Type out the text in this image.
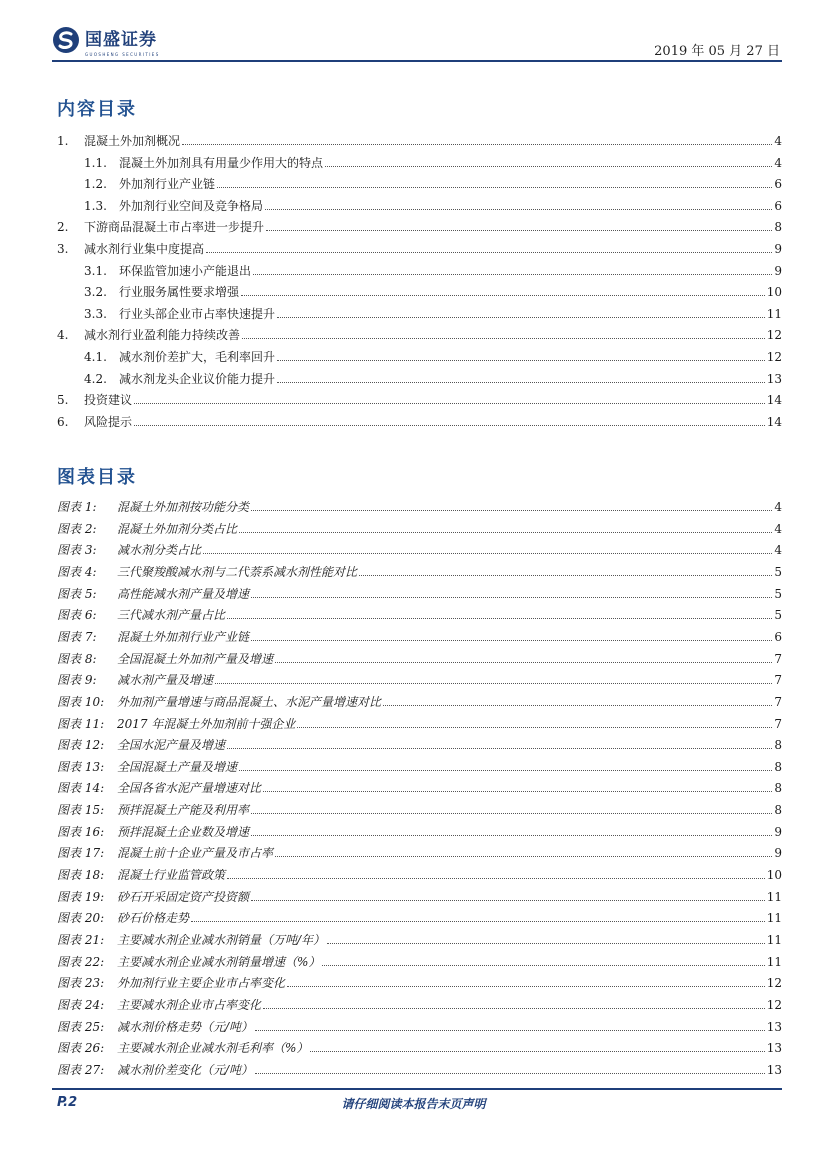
国盛证券
GUOSHENG SECURITIES	2019 年 05 月 27 日
内容目录
1.	混凝土外加剂概况	4
1.1.	混凝土外加剂具有用量少作用大的特点	4
1.2.	外加剂行业产业链	6
1.3.	外加剂行业空间及竞争格局	6
2.	下游商品混凝土市占率进一步提升	8
3.	减水剂行业集中度提高	9
3.1.	环保监管加速小产能退出	9
3.2.	行业服务属性要求增强	10
3.3.	行业头部企业市占率快速提升	11
4.	减水剂行业盈利能力持续改善	12
4.1.	减水剂价差扩大，毛利率回升	12
4.2.	减水剂龙头企业议价能力提升	13
5.	投资建议	14
6.	风险提示	14
图表目录
图表 1:	混凝土外加剂按功能分类	4
图表 2:	混凝土外加剂分类占比	4
图表 3:	减水剂分类占比	4
图表 4:	三代聚羧酸减水剂与二代萘系减水剂性能对比	5
图表 5:	高性能减水剂产量及增速	5
图表 6:	三代减水剂产量占比	5
图表 7:	混凝土外加剂行业产业链	6
图表 8:	全国混凝土外加剂产量及增速	7
图表 9:	减水剂产量及增速	7
图表 10:	外加剂产量增速与商品混凝土、水泥产量增速对比	7
图表 11:	2017 年混凝土外加剂前十强企业	7
图表 12:	全国水泥产量及增速	8
图表 13:	全国混凝土产量及增速	8
图表 14:	全国各省水泥产量增速对比	8
图表 15:	预拌混凝土产能及利用率	8
图表 16:	预拌混凝土企业数及增速	9
图表 17:	混凝土前十企业产量及市占率	9
图表 18:	混凝土行业监管政策	10
图表 19:	砂石开采固定资产投资额	11
图表 20:	砂石价格走势	11
图表 21:	主要减水剂企业减水剂销量（万吨/年）	11
图表 22:	主要减水剂企业减水剂销量增速（%）	11
图表 23:	外加剂行业主要企业市占率变化	12
图表 24:	主要减水剂企业市占率变化	12
图表 25:	减水剂价格走势（元/吨）	13
图表 26:	主要减水剂企业减水剂毛利率（%）	13
图表 27:	减水剂价差变化（元/吨）	13
P.2	请仔细阅读本报告末页声明
